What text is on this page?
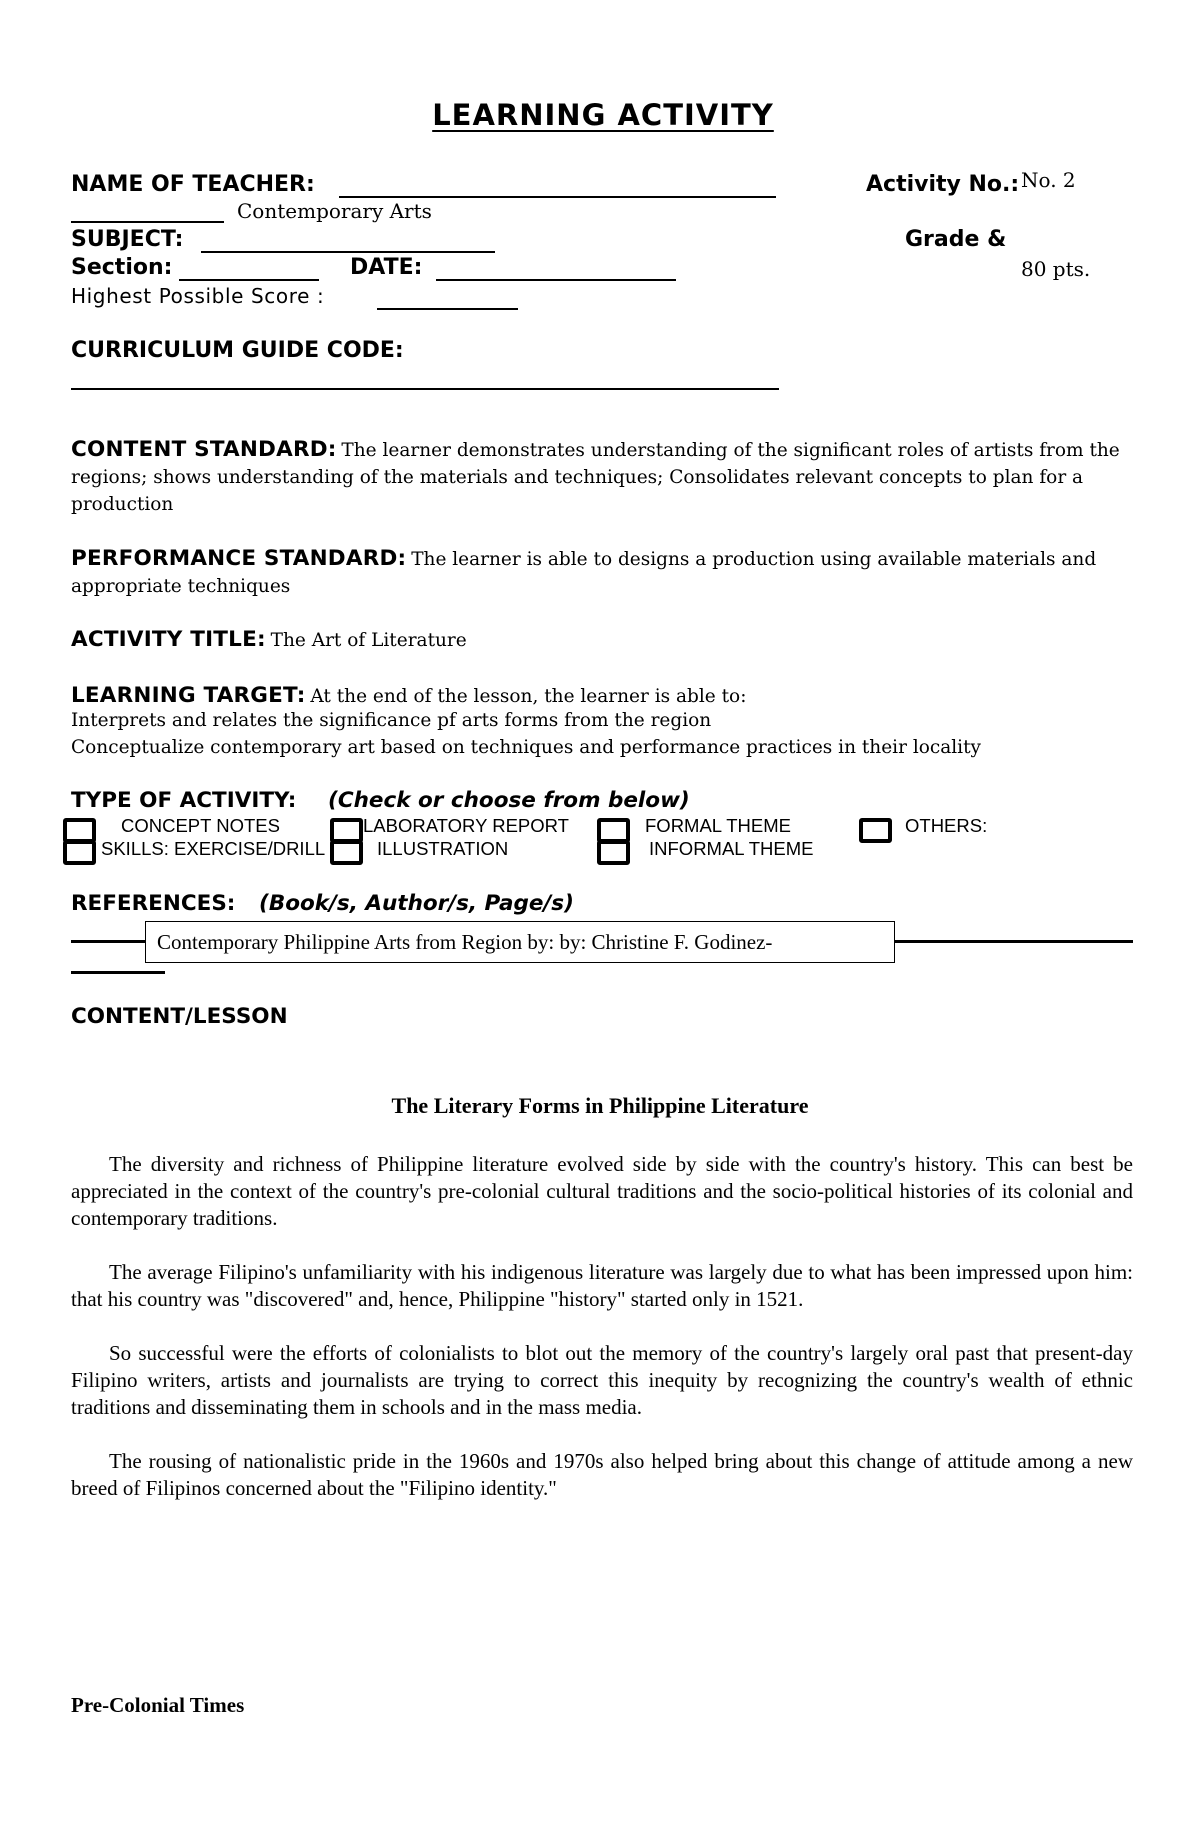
LEARNING ACTIVITY
NAME OF TEACHER:	Activity No.: No. 2
Contemporary Arts
SUBJECT:	Grade &
Section:	DATE:	80 pts.
Highest Possible Score :
CURRICULUM GUIDE CODE:
CONTENT STANDARD: The learner demonstrates understanding of the significant roles of artists from the regions; shows understanding of the materials and techniques; Consolidates relevant concepts to plan for a production
PERFORMANCE STANDARD: The learner is able to designs a production using available materials and appropriate techniques
ACTIVITY TITLE: The Art of Literature
LEARNING TARGET: At the end of the lesson, the learner is able to:
Interprets and relates the significance pf arts forms from the region
Conceptualize contemporary art based on techniques and performance practices in their locality
TYPE OF ACTIVITY: (Check or choose from below)
CONCEPT NOTES
SKILLS: EXERCISE/DRILL
LABORATORY REPORT
ILLUSTRATION
FORMAL THEME
INFORMAL THEME
OTHERS:
REFERENCES: (Book/s, Author/s, Page/s)
Contemporary Philippine Arts from Region by: by: Christine F. Godinez-
CONTENT/LESSON
The Literary Forms in Philippine Literature
The diversity and richness of Philippine literature evolved side by side with the country's history. This can best be appreciated in the context of the country's pre-colonial cultural traditions and the socio-political histories of its colonial and contemporary traditions.
The average Filipino's unfamiliarity with his indigenous literature was largely due to what has been impressed upon him: that his country was "discovered" and, hence, Philippine "history" started only in 1521.
So successful were the efforts of colonialists to blot out the memory of the country's largely oral past that present-day Filipino writers, artists and journalists are trying to correct this inequity by recognizing the country's wealth of ethnic traditions and disseminating them in schools and in the mass media.
The rousing of nationalistic pride in the 1960s and 1970s also helped bring about this change of attitude among a new breed of Filipinos concerned about the "Filipino identity."
Pre-Colonial Times
